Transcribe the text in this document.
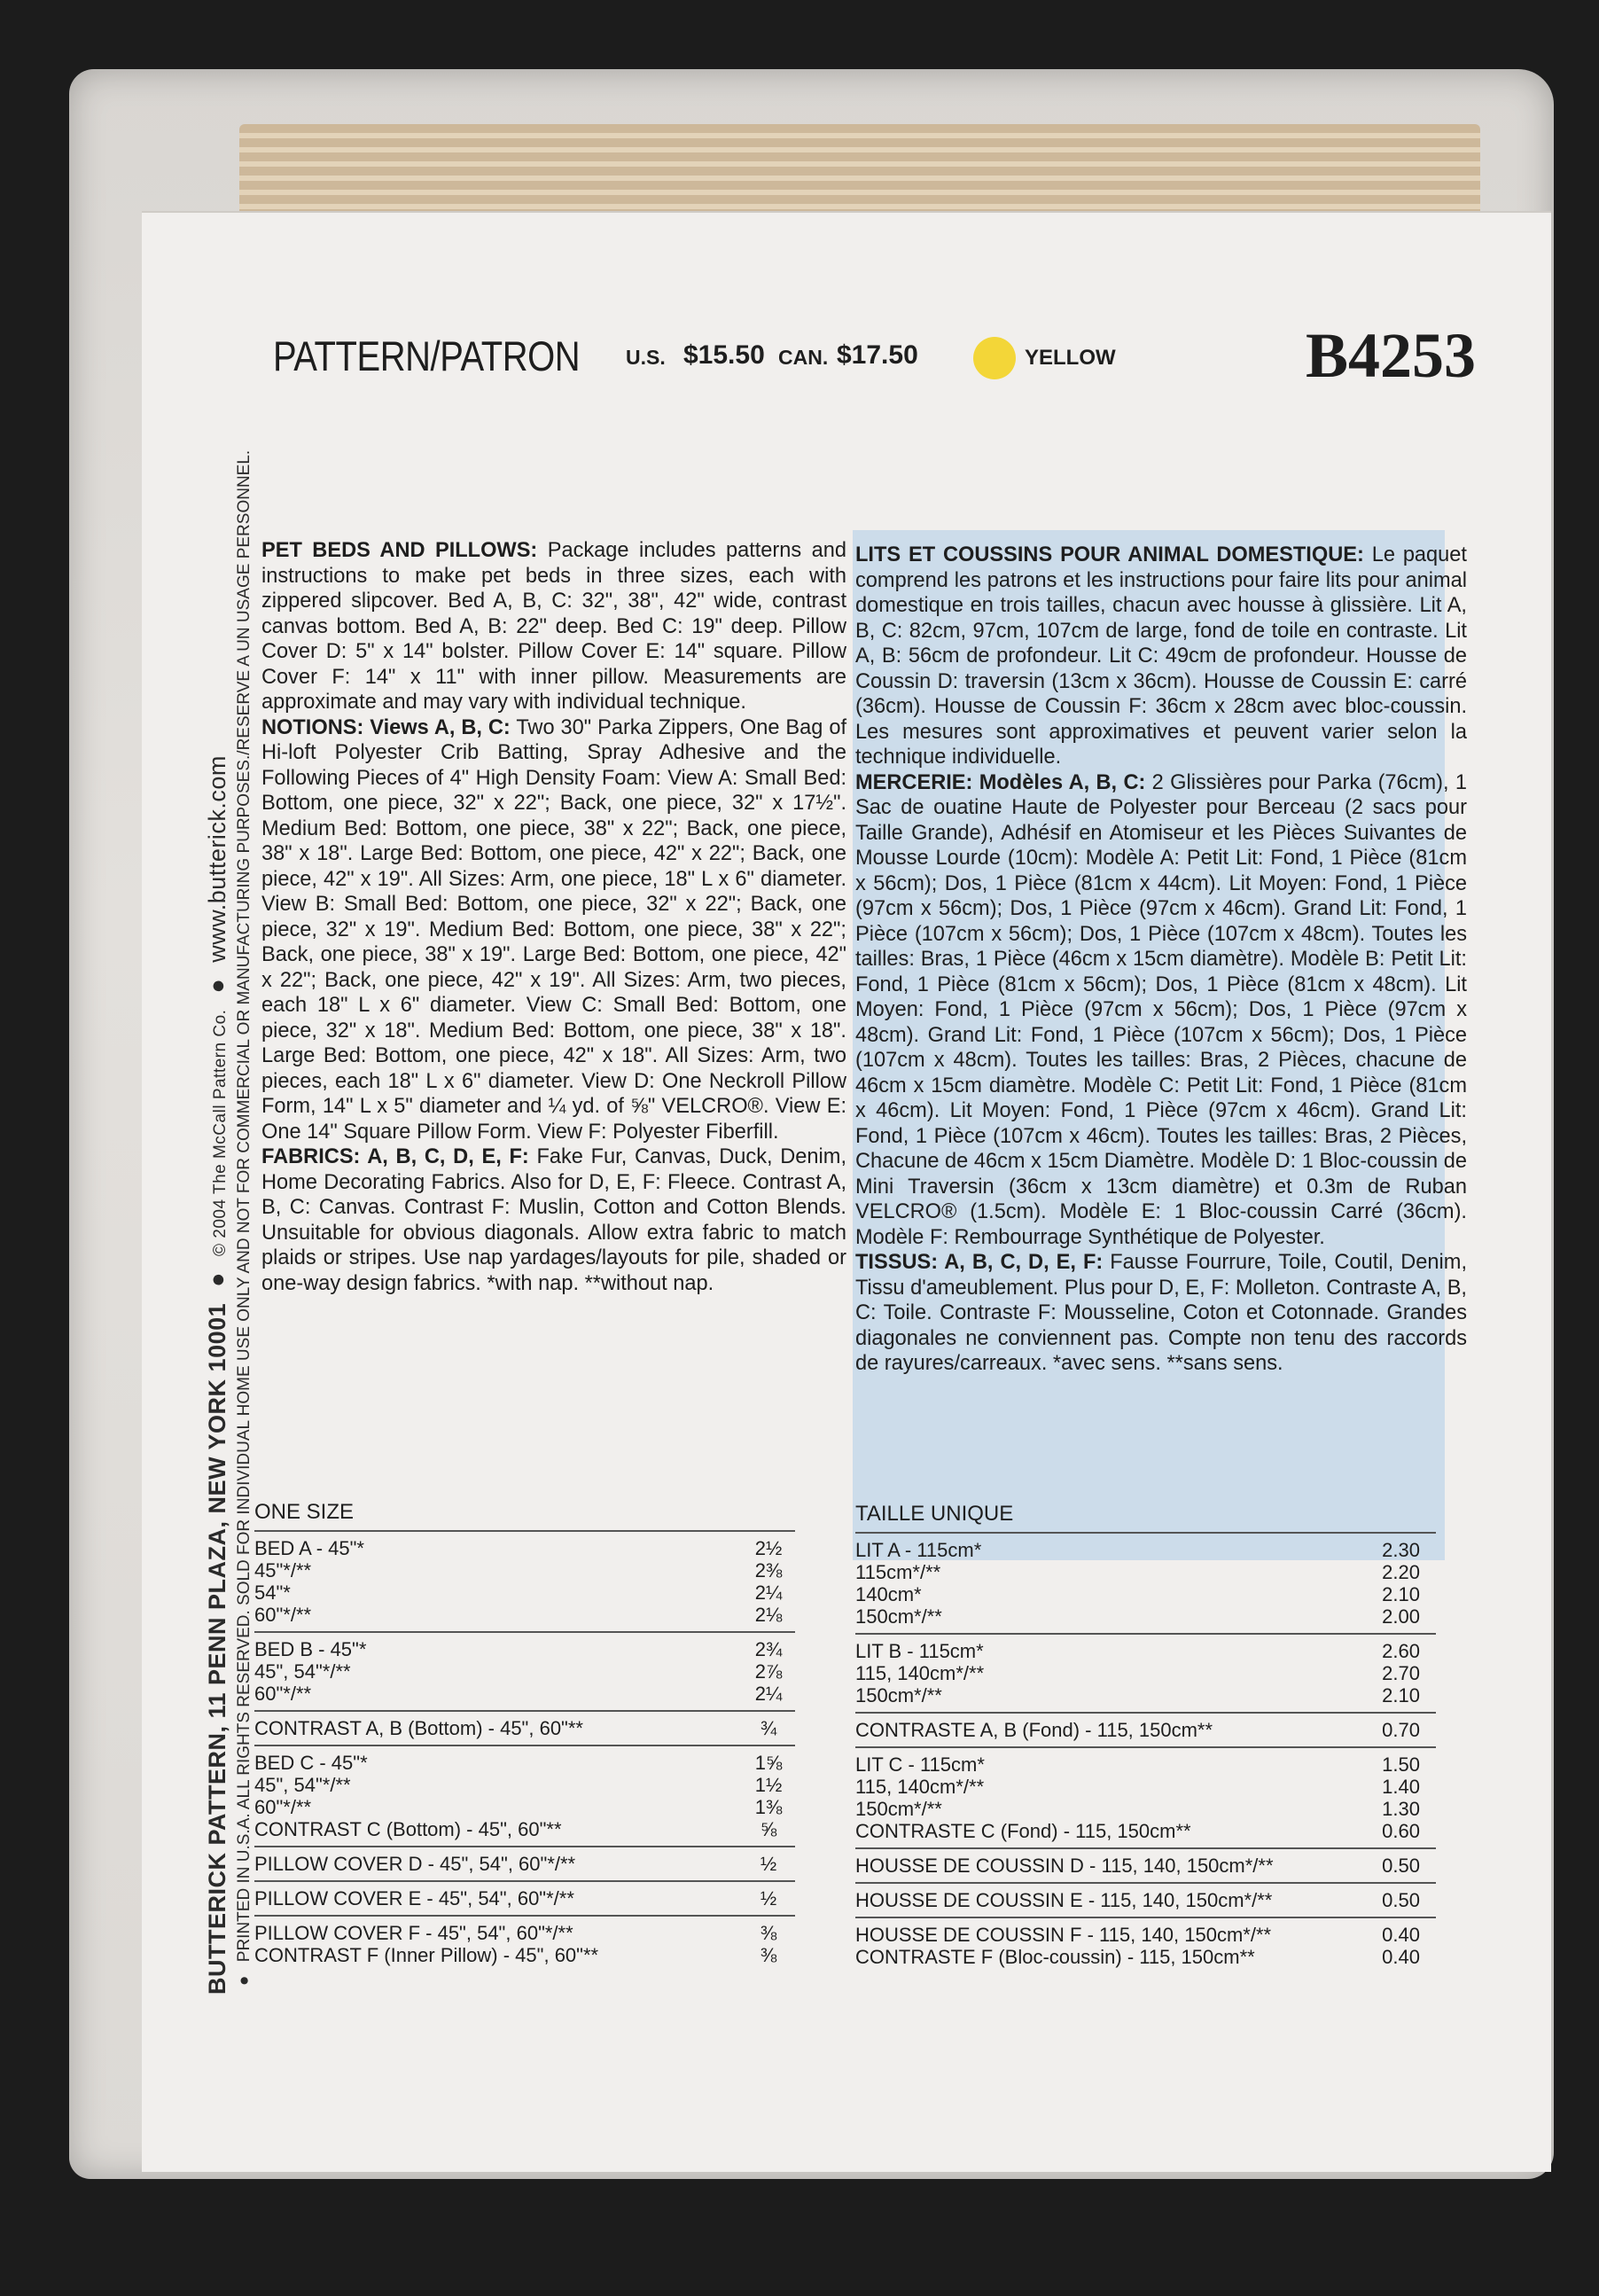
BUTTERICK PATTERN, 11 PENN PLAZA, NEW YORK 10001 ● © 2004 The McCall Pattern Co. ● www.butterick.com
● PRINTED IN U.S.A. ALL RIGHTS RESERVED. SOLD FOR INDIVIDUAL HOME USE ONLY AND NOT FOR COMMERCIAL OR MANUFACTURING PURPOSES./RESERVE A UN USAGE PERSONNEL.
PATTERN/PATRON U.S. $15.50 CAN. $17.50	YELLOW	B4253

PET BEDS AND PILLOWS: Package includes patterns and instructions to make pet beds in three sizes, each with zippered slipcover. Bed A, B, C: 32", 38", 42" wide, contrast canvas bottom. Bed A, B: 22" deep. Bed C: 19" deep. Pillow Cover D: 5" x 14" bolster. Pillow Cover E: 14" square. Pillow Cover F: 14" x 11" with inner pillow. Measurements are approximate and may vary with individual technique.

NOTIONS: Views A, B, C: Two 30" Parka Zippers, One Bag of Hi-loft Polyester Crib Batting, Spray Adhesive and the Following Pieces of 4" High Density Foam: View A: Small Bed: Bottom, one piece, 32" x 22"; Back, one piece, 32" x 17½". Medium Bed: Bottom, one piece, 38" x 22"; Back, one piece, 38" x 18". Large Bed: Bottom, one piece, 42" x 22"; Back, one piece, 42" x 19". All Sizes: Arm, one piece, 18" L x 6" diameter. View B: Small Bed: Bottom, one piece, 32" x 22"; Back, one piece, 32" x 19". Medium Bed: Bottom, one piece, 38" x 22"; Back, one piece, 38" x 19". Large Bed: Bottom, one piece, 42" x 22"; Back, one piece, 42" x 19". All Sizes: Arm, two pieces, each 18" L x 6" diameter. View C: Small Bed: Bottom, one piece, 32" x 18". Medium Bed: Bottom, one piece, 38" x 18". Large Bed: Bottom, one piece, 42" x 18". All Sizes: Arm, two pieces, each 18" L x 6" diameter. View D: One Neckroll Pillow Form, 14" L x 5" diameter and ¼ yd. of ⅝" VELCRO®. View E: One 14" Square Pillow Form. View F: Polyester Fiberfill.

FABRICS: A, B, C, D, E, F: Fake Fur, Canvas, Duck, Denim, Home Decorating Fabrics. Also for D, E, F: Fleece. Contrast A, B, C: Canvas. Contrast F: Muslin, Cotton and Cotton Blends. Unsuitable for obvious diagonals. Allow extra fabric to match plaids or stripes. Use nap yardages/layouts for pile, shaded or one-way design fabrics. *with nap. **without nap.

LITS ET COUSSINS POUR ANIMAL DOMESTIQUE: Le paquet comprend les patrons et les instructions pour faire lits pour animal domestique en trois tailles, chacun avec housse à glissière. Lit A, B, C: 82cm, 97cm, 107cm de large, fond de toile en contraste. Lit A, B: 56cm de profondeur. Lit C: 49cm de profondeur. Housse de Coussin D: traversin (13cm x 36cm). Housse de Coussin E: carré (36cm). Housse de Coussin F: 36cm x 28cm avec bloc-coussin. Les mesures sont approximatives et peuvent varier selon la technique individuelle.

MERCERIE: Modèles A, B, C: 2 Glissières pour Parka (76cm), 1 Sac de ouatine Haute de Polyester pour Berceau (2 sacs pour Taille Grande), Adhésif en Atomiseur et les Pièces Suivantes de Mousse Lourde (10cm): Modèle A: Petit Lit: Fond, 1 Pièce (81cm x 56cm); Dos, 1 Pièce (81cm x 44cm). Lit Moyen: Fond, 1 Pièce (97cm x 56cm); Dos, 1 Pièce (97cm x 46cm). Grand Lit: Fond, 1 Pièce (107cm x 56cm); Dos, 1 Pièce (107cm x 48cm). Toutes les tailles: Bras, 1 Pièce (46cm x 15cm diamètre). Modèle B: Petit Lit: Fond, 1 Pièce (81cm x 56cm); Dos, 1 Pièce (81cm x 48cm). Lit Moyen: Fond, 1 Pièce (97cm x 56cm); Dos, 1 Pièce (97cm x 48cm). Grand Lit: Fond, 1 Pièce (107cm x 56cm); Dos, 1 Pièce (107cm x 48cm). Toutes les tailles: Bras, 2 Pièces, chacune de 46cm x 15cm diamètre. Modèle C: Petit Lit: Fond, 1 Pièce (81cm x 46cm). Lit Moyen: Fond, 1 Pièce (97cm x 46cm). Grand Lit: Fond, 1 Pièce (107cm x 46cm). Toutes les tailles: Bras, 2 Pièces, Chacune de 46cm x 15cm Diamètre. Modèle D: 1 Bloc-coussin de Mini Traversin (36cm x 13cm diamètre) et 0.3m de Ruban VELCRO® (1.5cm). Modèle E: 1 Bloc-coussin Carré (36cm). Modèle F: Rembourrage Synthétique de Polyester.

TISSUS: A, B, C, D, E, F: Fausse Fourrure, Toile, Coutil, Denim, Tissu d'ameublement. Plus pour D, E, F: Molleton. Contraste A, B, C: Toile. Contraste F: Mousseline, Coton et Cotonnade. Grandes diagonales ne conviennent pas. Compte non tenu des raccords de rayures/carreaux. *avec sens. **sans sens.

ONE SIZE
BED A - 45"*	2½
45"*/**	2⅜
54"*	2¼
60"*/**	2⅛
BED B - 45"*	2¾
45", 54"*/**	2⅞
60"*/**	2¼
CONTRAST A, B (Bottom) - 45", 60"**	¾
BED C - 45"*	1⅝
45", 54"*/**	1½
60"*/**	1⅜
CONTRAST C (Bottom) - 45", 60"**	⅝
PILLOW COVER D - 45", 54", 60"*/**	½
PILLOW COVER E - 45", 54", 60"*/**	½
PILLOW COVER F - 45", 54", 60"*/**	⅜
CONTRAST F (Inner Pillow) - 45", 60"**	⅜
TAILLE UNIQUE
LIT A - 115cm*	2.30
115cm*/**	2.20
140cm*	2.10
150cm*/**	2.00
LIT B - 115cm*	2.60
115, 140cm*/**	2.70
150cm*/**	2.10
CONTRASTE A, B (Fond) - 115, 150cm**	0.70
LIT C - 115cm*	1.50
115, 140cm*/**	1.40
150cm*/**	1.30
CONTRASTE C (Fond) - 115, 150cm**	0.60
HOUSSE DE COUSSIN D - 115, 140, 150cm*/**	0.50
HOUSSE DE COUSSIN E - 115, 140, 150cm*/**	0.50
HOUSSE DE COUSSIN F - 115, 140, 150cm*/**	0.40
CONTRASTE F (Bloc-coussin) - 115, 150cm**	0.40
